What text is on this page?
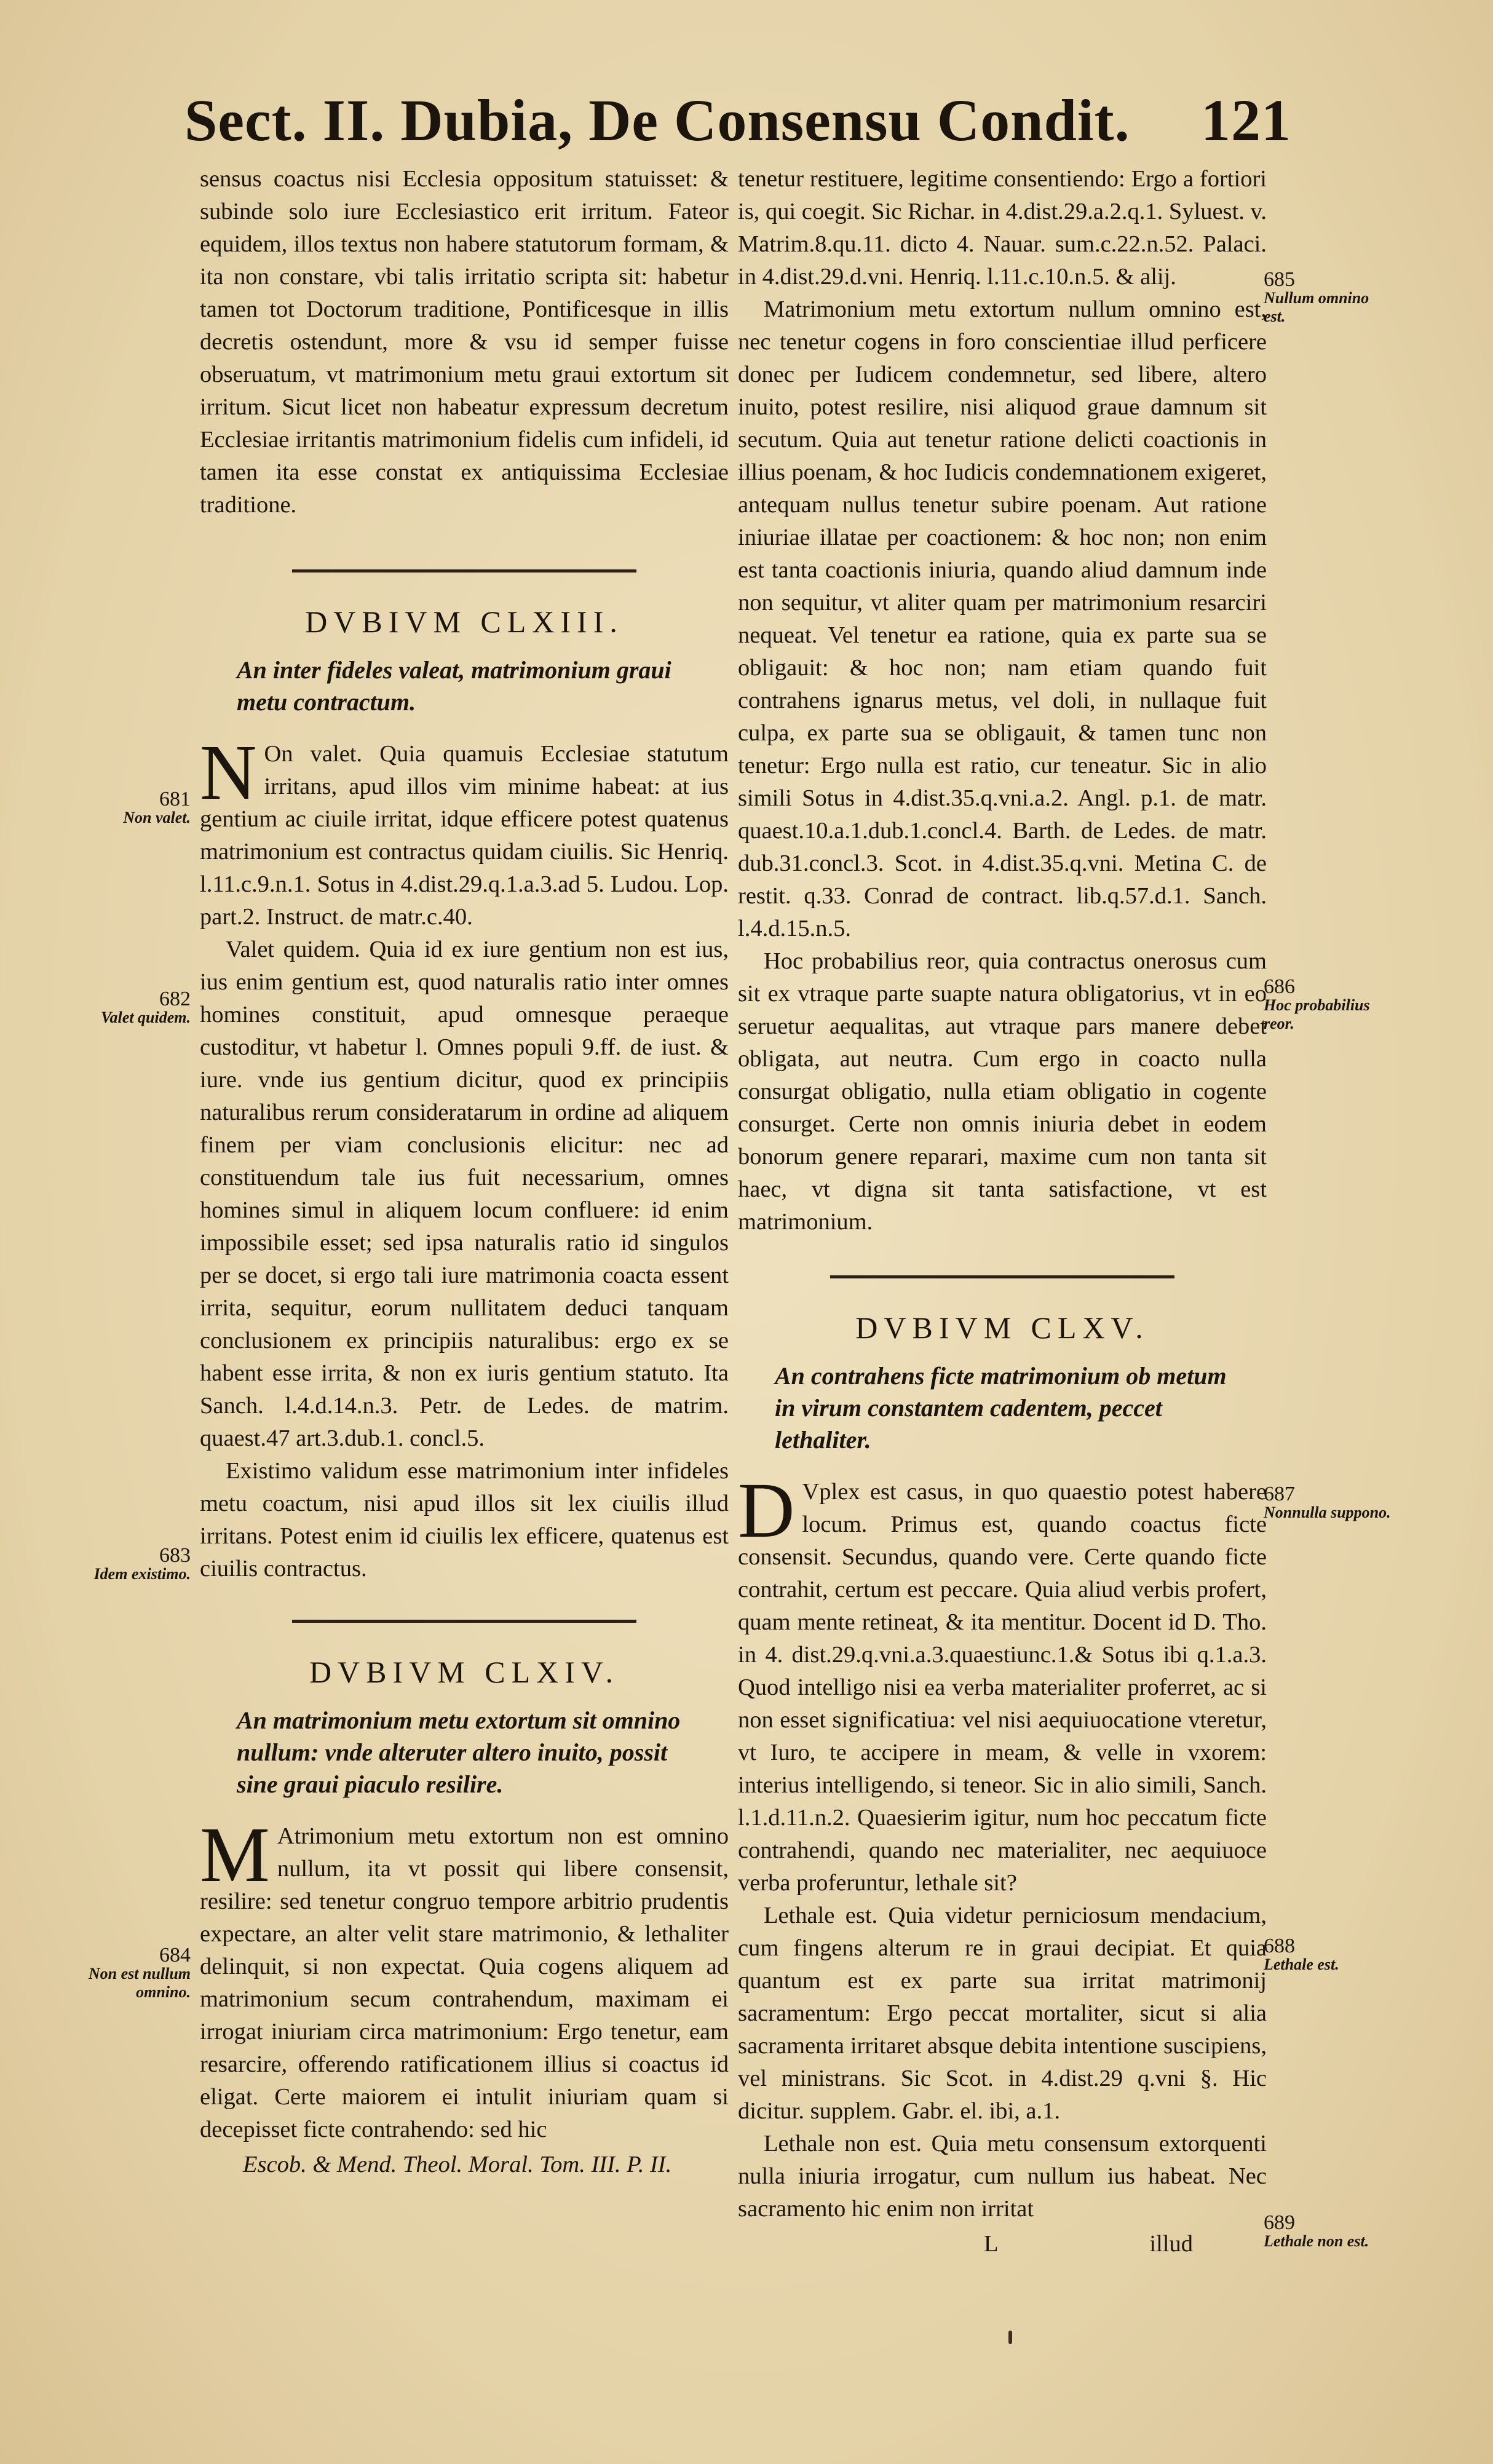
Sect. II. Dubia, De Consensu Condit. 121

sensus coactus nisi Ecclesia oppositum statuisset: & subinde solo iure Ecclesiastico erit irritum. Fateor equidem, illos textus non habere statutorum formam, & ita non constare, vbi talis irritatio scripta sit: habetur tamen tot Doctorum traditione, Pontificesque in illis decretis ostendunt, more & vsu id semper fuisse obseruatum, vt matrimonium metu graui extortum sit irritum. Sicut licet non habeatur expressum decretum Ecclesiae irritantis matrimonium fidelis cum infideli, id tamen ita esse constat ex antiquissima Ecclesiae traditione.

DVBIVM CLXIII.
An inter fideles valeat, matrimonium graui metu contractum.

N On valet. Quia quamuis Ecclesiae statutum irritans, apud illos vim minime habeat: at ius gentium ac ciuile irritat, idque efficere potest quatenus matrimonium est contractus quidam ciuilis. Sic Henriq. l.11.c.9.n.1. Sotus in 4.dist.29.q.1.a.3.ad 5. Ludou. Lop. part.2. Instruct. de matr.c.40.

Valet quidem. Quia id ex iure gentium non est ius, ius enim gentium est, quod naturalis ratio inter omnes homines constituit, apud omnesque peraeque custoditur, vt habetur l. Omnes populi 9.ff. de iust. & iure. vnde ius gentium dicitur, quod ex principiis naturalibus rerum consideratarum in ordine ad aliquem finem per viam conclusionis elicitur: nec ad constituendum tale ius fuit necessarium, omnes homines simul in aliquem locum confluere: id enim impossibile esset; sed ipsa naturalis ratio id singulos per se docet, si ergo tali iure matrimonia coacta essent irrita, sequitur, eorum nullitatem deduci tanquam conclusionem ex principiis naturalibus: ergo ex se habent esse irrita, & non ex iuris gentium statuto. Ita Sanch. l.4.d.14.n.3. Petr. de Ledes. de matrim. quaest.47 art.3.dub.1. concl.5.

Existimo validum esse matrimonium inter infideles metu coactum, nisi apud illos sit lex ciuilis illud irritans. Potest enim id ciuilis lex efficere, quatenus est ciuilis contractus.

DVBIVM CLXIV.
An matrimonium metu extortum sit omnino nullum: vnde alteruter altero inuito, possit sine graui piaculo resilire.

M Atrimonium metu extortum non est omnino nullum, ita vt possit qui libere consensit, resilire: sed tenetur congruo tempore arbitrio prudentis expectare, an alter velit stare matrimonio, & lethaliter delinquit, si non expectat. Quia cogens aliquem ad matrimonium secum contrahendum, maximam ei irrogat iniuriam circa matrimonium: Ergo tenetur, eam resarcire, offerendo ratificationem illius si coactus id eligat. Certe maiorem ei intulit iniuriam quam si decepisset ficte contrahendo: sed hic

Escob. & Mend. Theol. Moral. Tom. III. P. II.

tenetur restituere, legitime consentiendo: Ergo a fortiori is, qui coegit. Sic Richar. in 4.dist.29.a.2.q.1. Syluest. v. Matrim.8.qu.11. dicto 4. Nauar. sum.c.22.n.52. Palaci. in 4.dist.29.d.vni. Henriq. l.11.c.10.n.5. & alij.

Matrimonium metu extortum nullum omnino est, nec tenetur cogens in foro conscientiae illud perficere donec per Iudicem condemnetur, sed libere, altero inuito, potest resilire, nisi aliquod graue damnum sit secutum. Quia aut tenetur ratione delicti coactionis in illius poenam, & hoc Iudicis condemnationem exigeret, antequam nullus tenetur subire poenam. Aut ratione iniuriae illatae per coactionem: & hoc non; non enim est tanta coactionis iniuria, quando aliud damnum inde non sequitur, vt aliter quam per matrimonium resarciri nequeat. Vel tenetur ea ratione, quia ex parte sua se obligauit: & hoc non; nam etiam quando fuit contrahens ignarus metus, vel doli, in nullaque fuit culpa, ex parte sua se obligauit, & tamen tunc non tenetur: Ergo nulla est ratio, cur teneatur. Sic in alio simili Sotus in 4.dist.35.q.vni.a.2. Angl. p.1. de matr. quaest.10.a.1.dub.1.concl.4. Barth. de Ledes. de matr. dub.31.concl.3. Scot. in 4.dist.35.q.vni. Metina C. de restit. q.33. Conrad de contract. lib.q.57.d.1. Sanch. l.4.d.15.n.5.

Hoc probabilius reor, quia contractus onerosus cum sit ex vtraque parte suapte natura obligatorius, vt in eo seruetur aequalitas, aut vtraque pars manere debet obligata, aut neutra. Cum ergo in coacto nulla consurgat obligatio, nulla etiam obligatio in cogente consurget. Certe non omnis iniuria debet in eodem bonorum genere reparari, maxime cum non tanta sit haec, vt digna sit tanta satisfactione, vt est matrimonium.

DVBIVM CLXV.
An contrahens ficte matrimonium ob metum in virum constantem cadentem, peccet lethaliter.

D Vplex est casus, in quo quaestio potest habere locum. Primus est, quando coactus ficte consensit. Secundus, quando vere. Certe quando ficte contrahit, certum est peccare. Quia aliud verbis profert, quam mente retineat, & ita mentitur. Docent id D. Tho. in 4. dist.29.q.vni.a.3.quaestiunc.1.& Sotus ibi q.1.a.3. Quod intelligo nisi ea verba materialiter proferret, ac si non esset significatiua: vel nisi aequiuocatione vteretur, vt Iuro, te accipere in meam, & velle in vxorem: interius intelligendo, si teneor. Sic in alio simili, Sanch. l.1.d.11.n.2. Quaesierim igitur, num hoc peccatum ficte contrahendi, quando nec materialiter, nec aequiuoce verba proferuntur, lethale sit?

Lethale est. Quia videtur perniciosum mendacium, cum fingens alterum re in graui decipiat. Et quia quantum est ex parte sua irritat matrimonij sacramentum: Ergo peccat mortaliter, sicut si alia sacramenta irritaret absque debita intentione suscipiens, vel ministrans. Sic Scot. in 4.dist.29 q.vni §. Hic dicitur. supplem. Gabr. el. ibi, a.1.

Lethale non est. Quia metu consensum extorquenti nulla iniuria irrogatur, cum nullum ius habeat. Nec sacramento hic enim non irritat

L	illud
681
Non valet.
682
Valet quidem.
683
Idem existimo.
684
Non est nullum omnino.
685
Nullum omnino est.
686
Hoc probabilius reor.
687
Nonnulla suppono.
688
Lethale est.
689
Lethale non est.
